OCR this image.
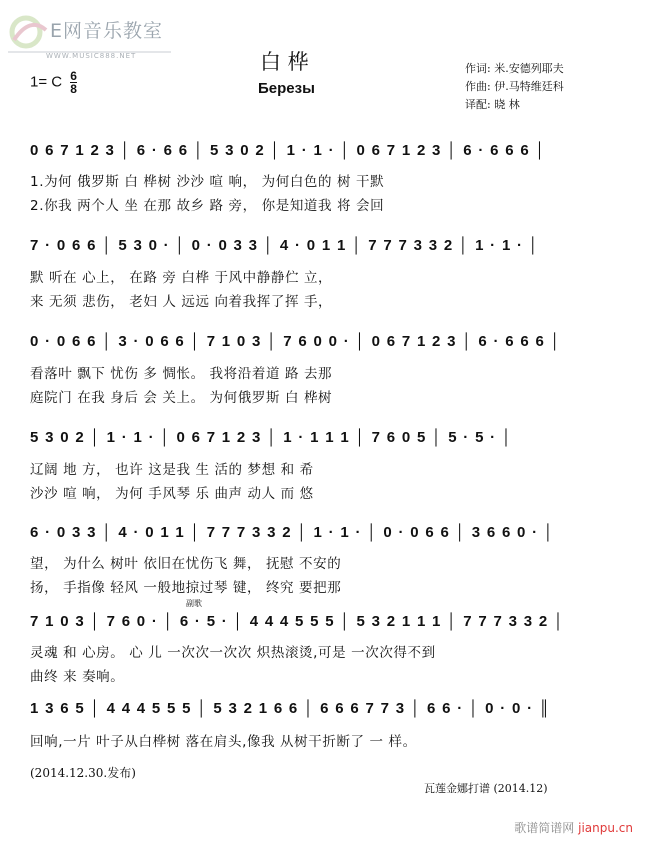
E网音乐教室
WWW.MUSIC888.NET	白 桦
Березы
1= C $\frac{6}{8}$
作词: 米.安德列耶夫
作曲: 伊.马特维廷科
译配: 晓 林
0 6 7 1 2 3 │ 6 · 6 6 │ 5 3 0 2 │ 1 · 1 · │ 0 6 7 1 2 3 │ 6 · 6 6 6 │
1.为何 俄罗斯 白 桦树 沙沙 喧 响， 为何白色的 树 干默
2.你我 两个人 坐 在那 故乡 路 旁， 你是知道我 将 会回
7 · 0 6 6 │ 5 3 0 · │ 0 · 0 3 3 │ 4 · 0 1 1 │ 7 7 7 3 3 2 │ 1 · 1 · │
默 听在 心上， 在路 旁 白桦 于风中静静伫 立，
来 无须 悲伤， 老妇 人 远远 向着我挥了挥 手，
0 · 0 6 6 │ 3 · 0 6 6 │ 7 1 0 3 │ 7 6 0 0 · │ 0 6 7 1 2 3 │ 6 · 6 6 6 │
看落叶 飘下 忧伤 多 惆怅。 我将沿着道 路 去那
庭院门 在我 身后 会 关上。 为何俄罗斯 白 桦树
5 3 0 2 │ 1 · 1 · │ 0 6 7 1 2 3 │ 1 · 1 1 1 │ 7 6 0 5 │ 5 · 5 · │
辽阔 地 方， 也许 这是我 生 活的 梦想 和 希
沙沙 喧 响， 为何 手风琴 乐 曲声 动人 而 悠
6 · 0 3 3 │ 4 · 0 1 1 │ 7 7 7 3 3 2 │ 1 · 1 · │ 0 · 0 6 6 │ 3 6 6 0 · │
望， 为什么 树叶 依旧在忧伤飞 舞， 抚慰 不安的
扬， 手指像 轻风 一般地掠过琴 键， 终究 要把那
副歌
7 1 0 3 │ 7 6 0 · │ 6 · 5 · │ 4 4 4 5 5 5 │ 5 3 2 1 1 1 │ 7 7 7 3 3 2 │
灵魂 和 心房。 心 儿 一次次一次次 炽热滚烫,可是 一次次得不到
曲终 来 奏响。
1 3 6 5 │ 4 4 4 5 5 5 │ 5 3 2 1 6 6 │ 6 6 6 7 7 3 │ 6 6 · │ 0 · 0 · ║
回响,一片 叶子从白桦树 落在肩头,像我 从树干折断了 一 样。
(2014.12.30.发布)
瓦莲金娜打谱 (2014.12)
歌谱简谱网 jianpu.cn
